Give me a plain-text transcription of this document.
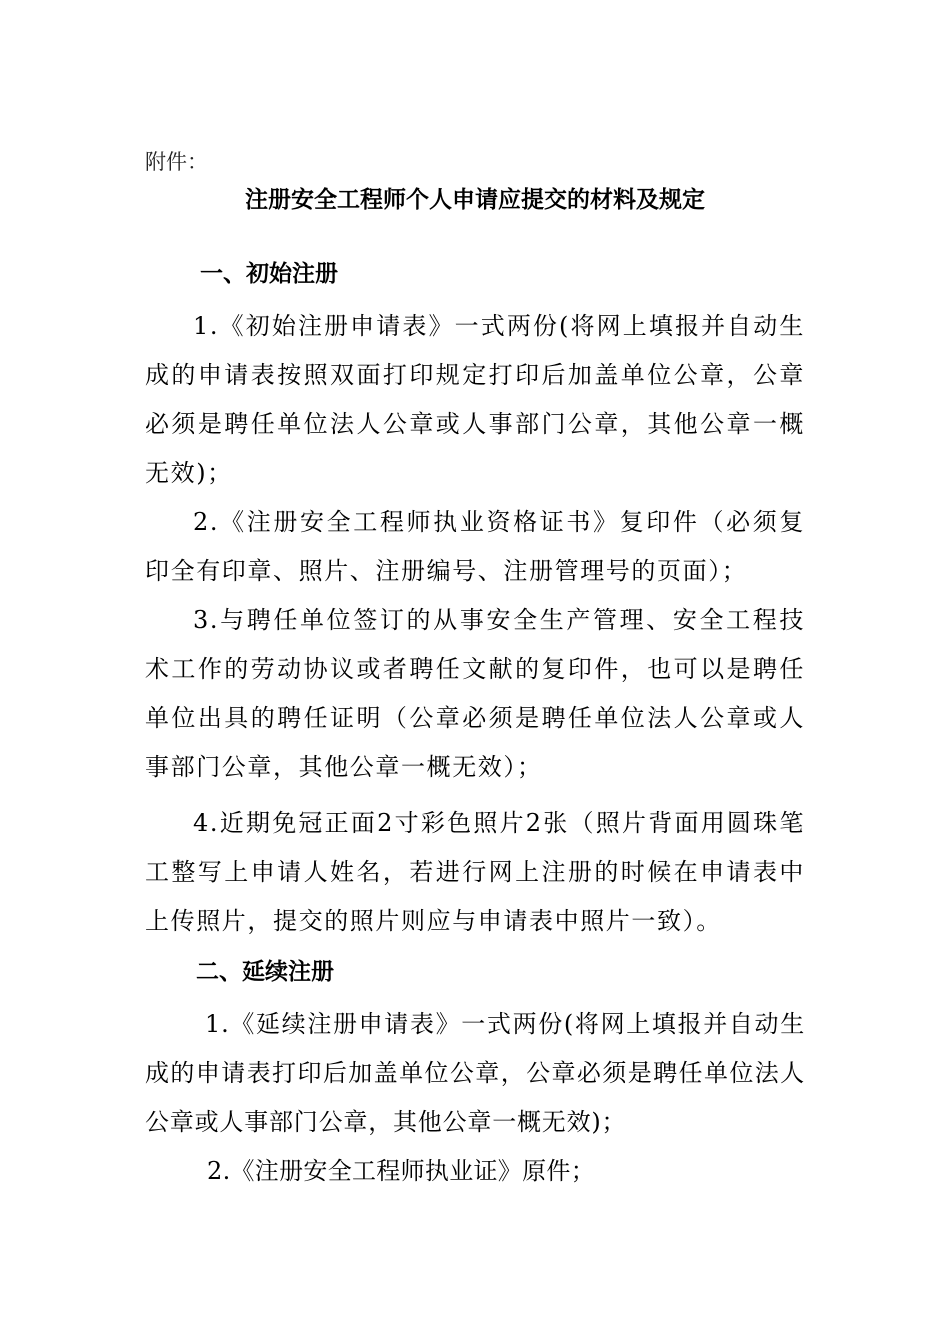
附件：
注册安全工程师个人申请应提交的材料及规定
一、初始注册
1.《初始注册申请表》一式两份(将网上填报并自动生成的申请表按照双面打印规定打印后加盖单位公章，公章必须是聘任单位法人公章或人事部门公章，其他公章一概无效)；
2.《注册安全工程师执业资格证书》复印件（必须复印全有印章、照片、注册编号、注册管理号的页面）；
3.与聘任单位签订的从事安全生产管理、安全工程技术工作的劳动协议或者聘任文献的复印件，也可以是聘任单位出具的聘任证明（公章必须是聘任单位法人公章或人事部门公章，其他公章一概无效）；
4.近期免冠正面2寸彩色照片2张（照片背面用圆珠笔工整写上申请人姓名，若进行网上注册的时候在申请表中上传照片，提交的照片则应与申请表中照片一致）。
二、延续注册
1.《延续注册申请表》一式两份(将网上填报并自动生成的申请表打印后加盖单位公章，公章必须是聘任单位法人公章或人事部门公章，其他公章一概无效)；
2.《注册安全工程师执业证》原件；
